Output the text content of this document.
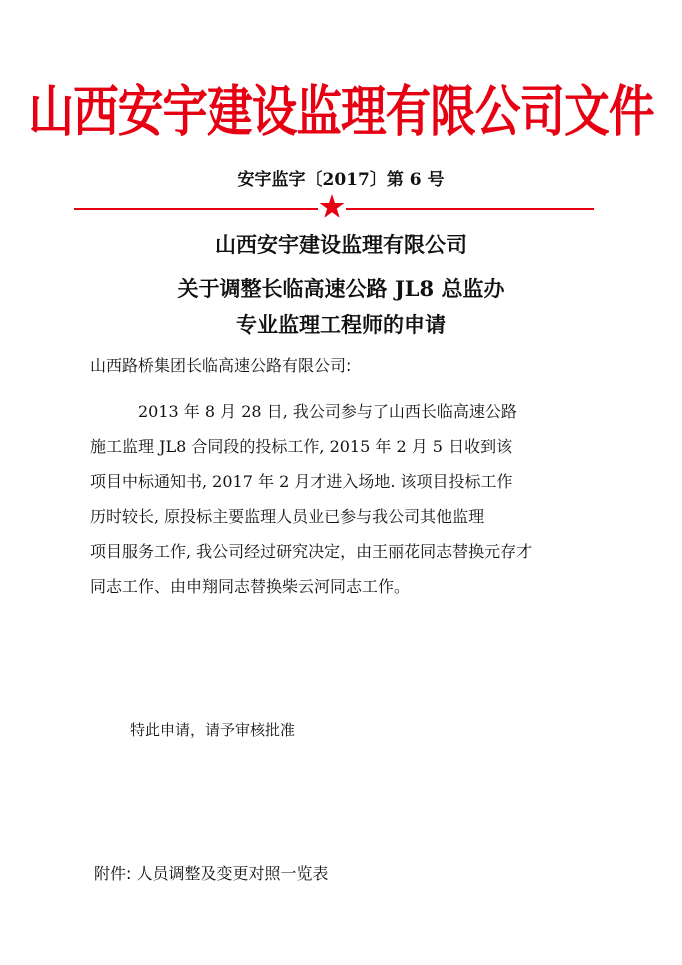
山西安宇建设监理有限公司文件
安宇监字〔2017〕第 6 号
山西安宇建设监理有限公司
关于调整长临高速公路 JL8 总监办
专业监理工程师的申请
山西路桥集团长临高速公路有限公司:
2013 年 8 月 28 日, 我公司参与了山西长临高速公路
施工监理 JL8 合同段的投标工作, 2015 年 2 月 5 日收到该
项目中标通知书, 2017 年 2 月才进入场地. 该项目投标工作
历时较长, 原投标主要监理人员业已参与我公司其他监理
项目服务工作, 我公司经过研究决定，由王丽花同志替换元存才
同志工作、由申翔同志替换柴云河同志工作。
特此申请，请予审核批准
附件: 人员调整及变更对照一览表
